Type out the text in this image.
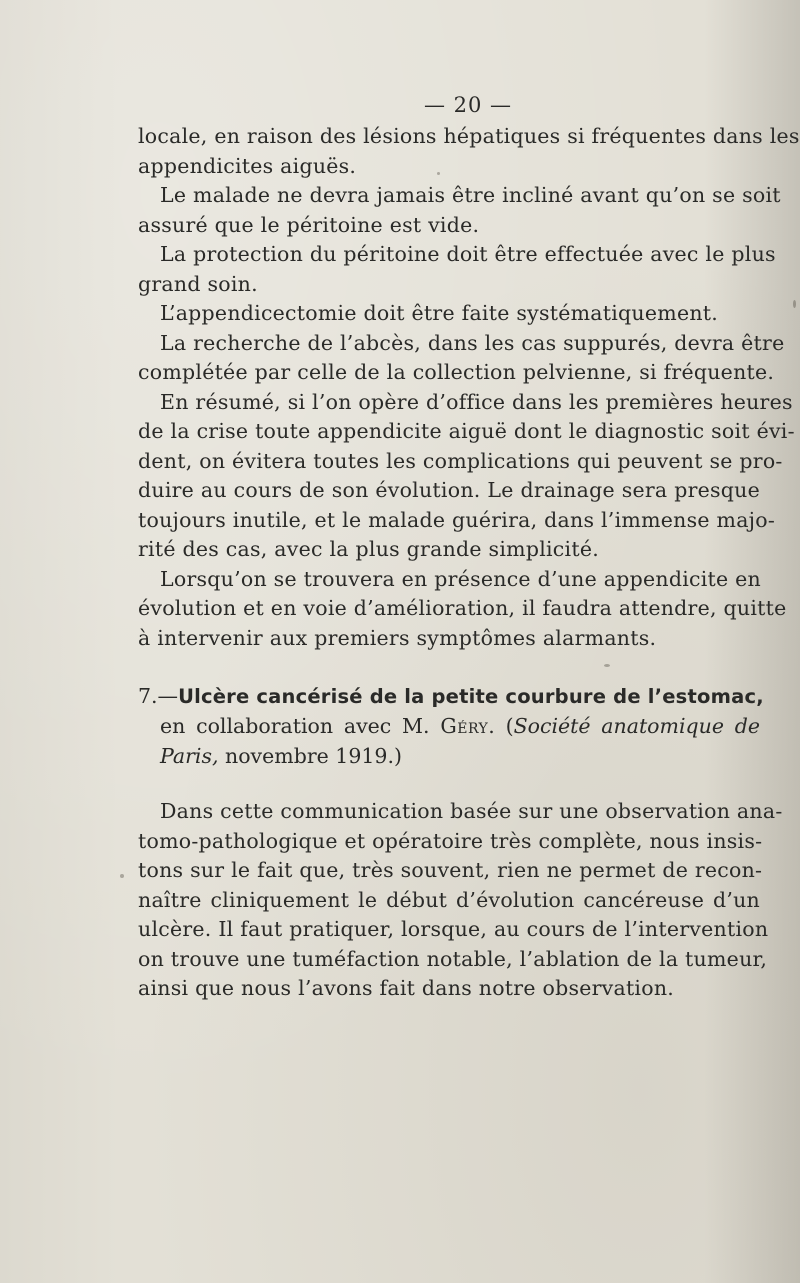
— 20 —
locale, en raison des lésions hépatiques si fréquentes dans les
appendicites aiguës.
Le malade ne devra jamais être incliné avant qu’on se soit
assuré que le péritoine est vide.
La protection du péritoine doit être effectuée avec le plus
grand soin.
L’appendicectomie doit être faite systématiquement.
La recherche de l’abcès, dans les cas suppurés, devra être
complétée par celle de la collection pelvienne, si fréquente.
En résumé, si l’on opère d’office dans les premières heures
de la crise toute appendicite aiguë dont le diagnostic soit évi-
dent, on évitera toutes les complications qui peuvent se pro-
duire au cours de son évolution. Le drainage sera presque
toujours inutile, et le malade guérira, dans l’immense majo-
rité des cas, avec la plus grande simplicité.
Lorsqu’on se trouvera en présence d’une appendicite en
évolution et en voie d’amélioration, il faudra attendre, quitte
à intervenir aux premiers symptômes alarmants.
7.—Ulcère cancérisé de la petite courbure de l’estomac,
en collaboration avec M. Géry. (Société anatomique de
Paris, novembre 1919.)
Dans cette communication basée sur une observation ana-
tomo-pathologique et opératoire très complète, nous insis-
tons sur le fait que, très souvent, rien ne permet de recon-
naître cliniquement le début d’évolution cancéreuse d’un
ulcère. Il faut pratiquer, lorsque, au cours de l’intervention
on trouve une tuméfaction notable, l’ablation de la tumeur,
ainsi que nous l’avons fait dans notre observation.
